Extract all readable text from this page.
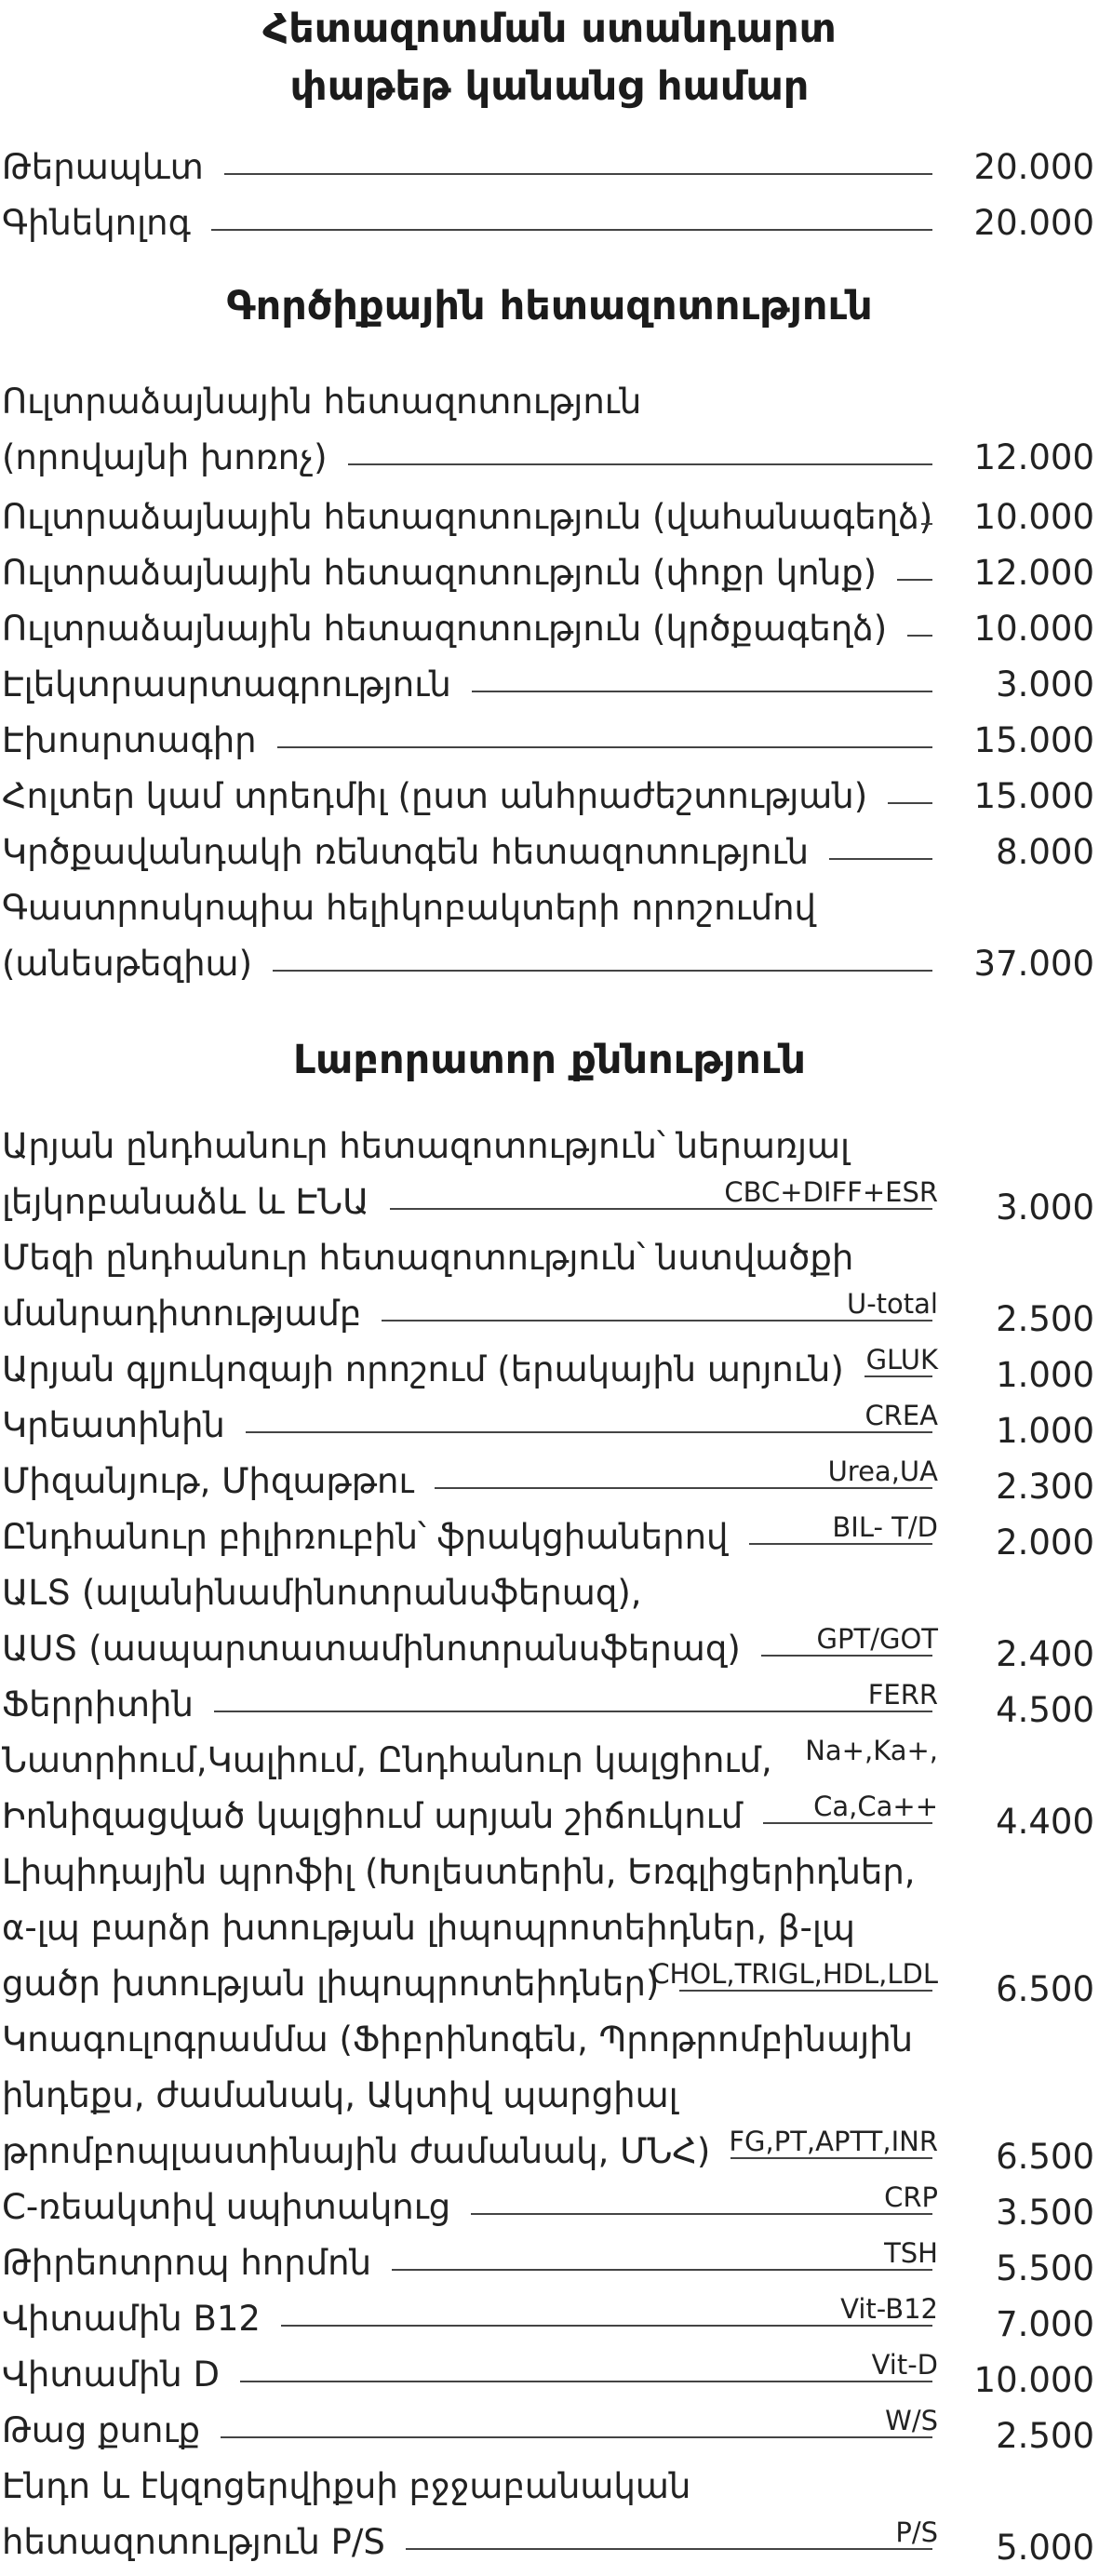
Հետազոտման ստանդարտ
փաթեթ կանանց համար
Թերապևտ	20.000
Գինեկոլոգ	20.000
Գործիքային հետազոտություն
Ուլտրաձայնային հետազոտություն
(որովայնի խոռոչ)	12.000
Ուլտրաձայնային հետազոտություն (վահանագեղձ) 10.000
Ուլտրաձայնային հետազոտություն (փոքր կոնք)	12.000
Ուլտրաձայնային հետազոտություն (կրծքագեղձ)	10.000
Էլեկտրասրտագրություն	3.000
Էխոսրտագիր	15.000
Հոլտեր կամ տրեդմիլ (ըստ անհրաժեշտության)	15.000
Կրծքավանդակի ռենտգեն հետազոտություն	8.000
Գաստրոսկոպիա հելիկոբակտերի որոշումով
(անեսթեզիա)	37.000
Լաբորատոր քննություն
Արյան ընդհանուր հետազոտություն՝ ներառյալ
լեյկոբանաձև և ԷՆԱ	CBC+DIFF+ESR	3.000
Մեզի ընդհանուր հետազոտություն՝ նստվածքի
մանրադիտությամբ	U-total	2.500
Արյան գլյուկոզայի որոշում (երակային արյուն) GLUK	1.000
Կրեատինին	CREA	1.000
Միզանյութ, Միզաթթու	Urea,UA	2.300
Ընդհանուր բիլիռուբին՝ ֆրակցիաներով	BIL- T/D	2.000
ԱԼՏ (ալանինամինոտրանսֆերազ),
ԱՍՏ (ասպարտատամինոտրանսֆերազ)	GPT/GOT	2.400
Ֆերրիտին	FERR	4.500
Նատրիում,Կալիում, Ընդհանուր կալցիում,
Իոնիզացված կալցիում արյան շիճուկում
Na+,Ka+,
Ca,Ca++	4.400
Լիպիդային պրոֆիլ (Խոլեստերին, Եռգլիցերիդներ,
α-լպ բարձր խտության լիպոպրոտեիդներ, β-լպ
ցածր խտության լիպոպրոտեիդներ)
CHOL,TRIGL,HDL,LDL	6.500
Կոագուլոգրամմա (Ֆիբրինոգեն, Պրոթրոմբինային
ինդեքս, ժամանակ, Ակտիվ պարցիալ
թրոմբոպլաստինային ժամանակ, ՄՆՀ) FG,PT,APTT,INR	6.500
C-ռեակտիվ սպիտակուց	CRP	3.500
Թիրեոտրոպ հորմոն	TSH	5.500
Վիտամին B12	Vit-B12	7.000
Վիտամին D	Vit-D 10.000
Թաց քսուք	W/S	2.500
Էնդո և էկզոցերվիքսի բջջաբանական
հետազոտություն P/S	P/S	5.000
